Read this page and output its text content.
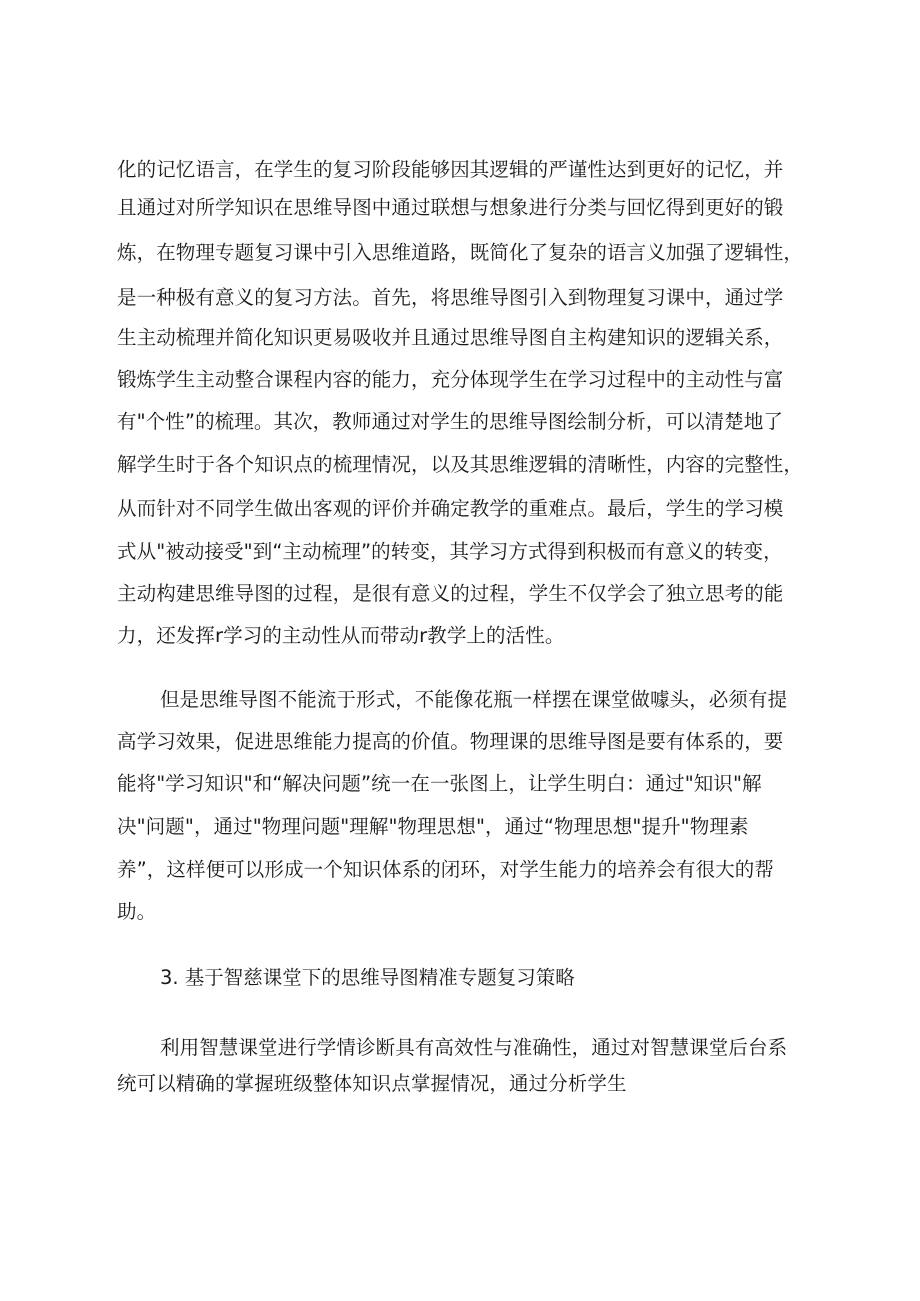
化的记忆语言，在学生的复习阶段能够因其逻辑的严谨性达到更好的记忆，并
且通过对所学知识在思维导图中通过联想与想象进行分类与回忆得到更好的锻
炼，在物理专题复习课中引入思维道路，既简化了复杂的语言义加强了逻辑性，
是一种极有意义的复习方法。首先，将思维导图引入到物理复习课中，通过学
生主动梳理并简化知识更易吸收并且通过思维导图自主构建知识的逻辑关系，
锻炼学生主动整合课程内容的能力，充分体现学生在学习过程中的主动性与富
有"个性”的梳理。其次，教师通过对学生的思维导图绘制分析，可以清楚地了
解学生时于各个知识点的梳理情况，以及其思维逻辑的清晰性，内容的完整性，
从而针对不同学生做出客观的评价并确定教学的重难点。最后，学生的学习模
式从"被动接受"到“主动梳理”的转变，其学习方式得到积极而有意义的转变，
主动构建思维导图的过程，是很有意义的过程，学生不仅学会了独立思考的能
力，还发挥r学习的主动性从而带动r教学上的活性。
但是思维导图不能流于形式，不能像花瓶一样摆在课堂做噱头，必须有提
高学习效果，促进思维能力提高的价值。物理课的思维导图是要有体系的，要
能将"学习知识"和“解决问题”统一在一张图上，让学生明白：通过"知识"解
决"问题"，通过"物理问题"理解"物理思想"，通过“物理思想"提升"物理素
养”，这样便可以形成一个知识体系的闭环，对学生能力的培养会有很大的帮
助。
3. 基于智慈课堂下的思维导图精准专题复习策略
利用智慧课堂进行学情诊断具有高效性与准确性，通过对智慧课堂后台系
统可以精确的掌握班级整体知识点掌握情况，通过分析学生
